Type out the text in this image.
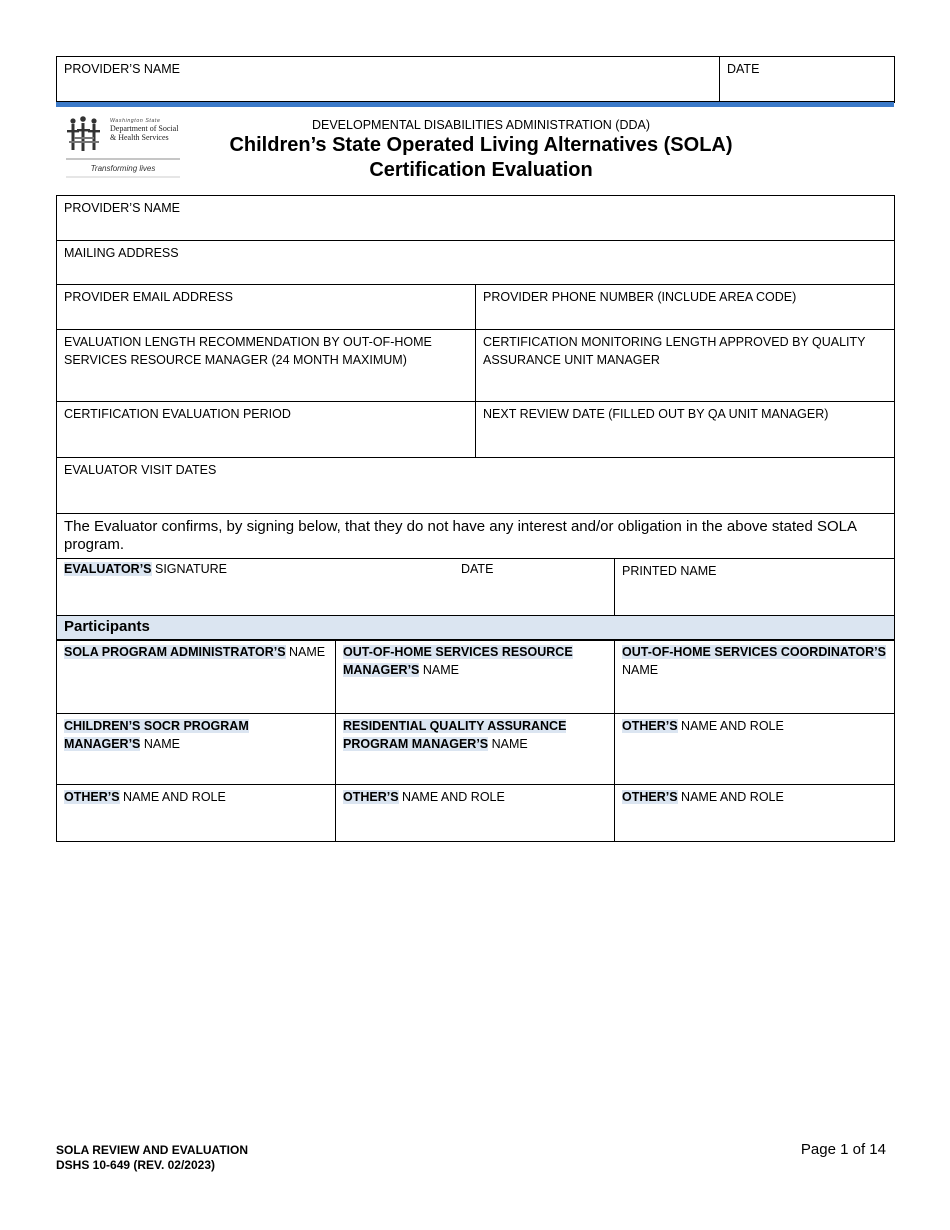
PROVIDER’S NAME	DATE
Washington State
Department of Social
& Health Services
Transforming lives
DEVELOPMENTAL DISABILITIES ADMINISTRATION (DDA)
Children’s State Operated Living Alternatives (SOLA)
Certification Evaluation
PROVIDER’S NAME		
MAILING ADDRESS		
PROVIDER EMAIL ADDRESS	PROVIDER PHONE NUMBER (INCLUDE AREA CODE)	
EVALUATION LENGTH RECOMMENDATION BY OUT-OF-HOME SERVICES RESOURCE MANAGER (24 MONTH MAXIMUM)	CERTIFICATION MONITORING LENGTH APPROVED BY QUALITY ASSURANCE UNIT MANAGER	
CERTIFICATION EVALUATION PERIOD	NEXT REVIEW DATE (FILLED OUT BY QA UNIT MANAGER)	
EVALUATOR VISIT DATES		
The Evaluator confirms, by signing below, that they do not have any interest and/or obligation in the above stated SOLA program.		

EVALUATOR’S SIGNATURE DATE		PRINTED NAME
Participants		
SOLA PROGRAM ADMINISTRATOR’S NAME	OUT-OF-HOME SERVICES RESOURCE MANAGER’S NAME	OUT-OF-HOME SERVICES COORDINATOR’S NAME
CHILDREN’S SOCR PROGRAM MANAGER’S NAME	RESIDENTIAL QUALITY ASSURANCE PROGRAM MANAGER’S NAME	OTHER’S NAME AND ROLE
OTHER’S NAME AND ROLE	OTHER’S NAME AND ROLE	OTHER’S NAME AND ROLE
SOLA REVIEW AND EVALUATION
DSHS 10-649 (REV. 02/2023)
Page 1 of 14
